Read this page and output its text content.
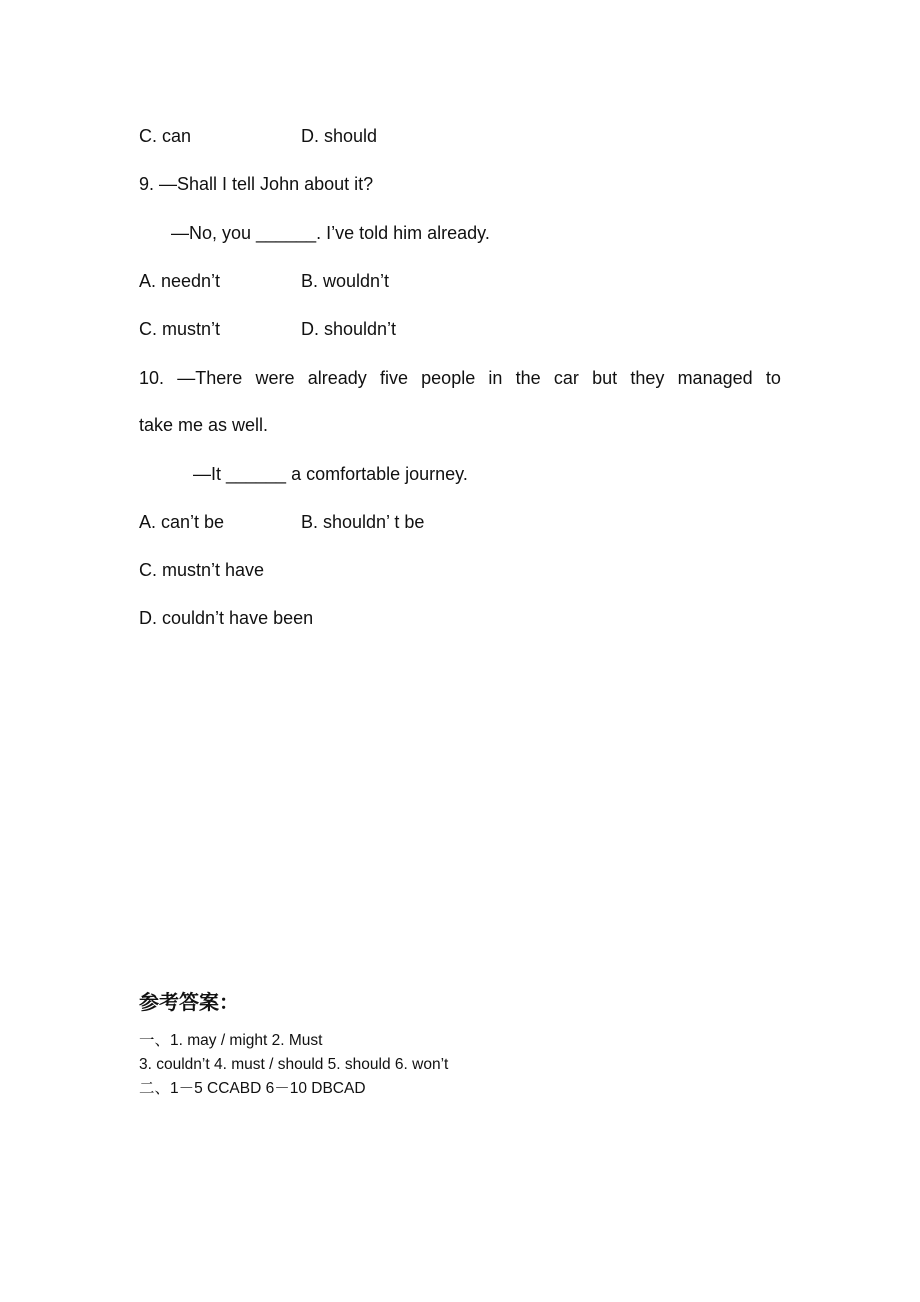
C. can	D. should
9. —Shall I tell John about it?
—No, you ______. I’ve told him already.
A. needn’t	B. wouldn’t
C. mustn’t	D. shouldn’t
10. —There were already five people in the car but they managed to
take me as well.
—It ______ a comfortable journey.
A. can’t be	B. shouldn’ t be
C. mustn’t have
D. couldn’t have been
参考答案：
一、1. may / might 2. Must
3. couldn’t 4. must / should 5. should 6. won’t
二、1－5 CCABD 6－10 DBCAD
